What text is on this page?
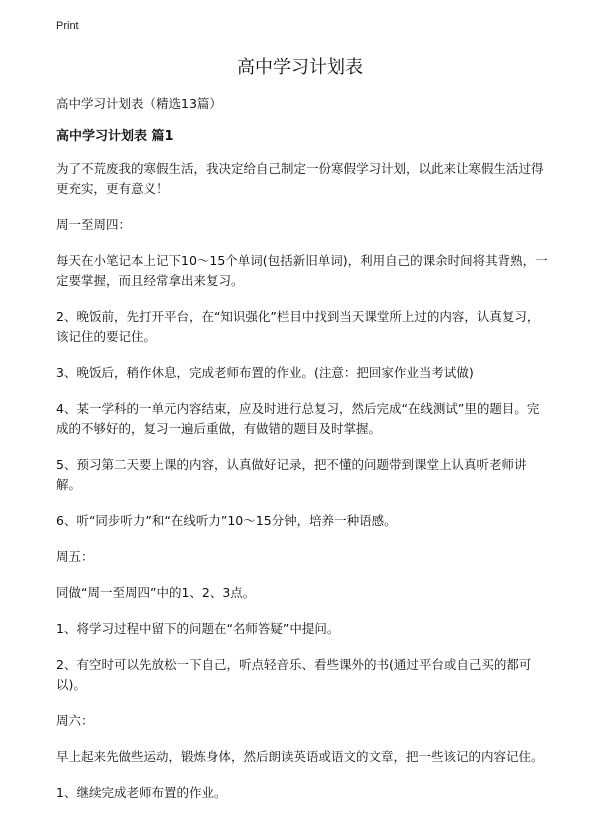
Print
高中学习计划表

高中学习计划表（精选13篇）

高中学习计划表 篇1

为了不荒废我的寒假生活，我决定给自己制定一份寒假学习计划，以此来让寒假生活过得更充实，更有意义！

周一至周四：

每天在小笔记本上记下10～15个单词(包括新旧单词)，利用自己的课余时间将其背熟，一定要掌握，而且经常拿出来复习。

2、晚饭前，先打开平台，在“知识强化”栏目中找到当天课堂所上过的内容，认真复习，该记住的要记住。

3、晚饭后，稍作休息，完成老师布置的作业。(注意：把回家作业当考试做)

4、某一学科的一单元内容结束，应及时进行总复习，然后完成“在线测试”里的题目。完成的不够好的，复习一遍后重做，有做错的题目及时掌握。

5、预习第二天要上课的内容，认真做好记录，把不懂的问题带到课堂上认真听老师讲解。

6、听“同步听力”和“在线听力”10～15分钟，培养一种语感。

周五：

同做“周一至周四”中的1、2、3点。

1、将学习过程中留下的问题在“名师答疑”中提问。

2、有空时可以先放松一下自己，听点轻音乐、看些课外的书(通过平台或自己买的都可以)。

周六：

早上起来先做些运动，锻炼身体，然后朗读英语或语文的文章，把一些该记的内容记住。

1、继续完成老师布置的作业。
